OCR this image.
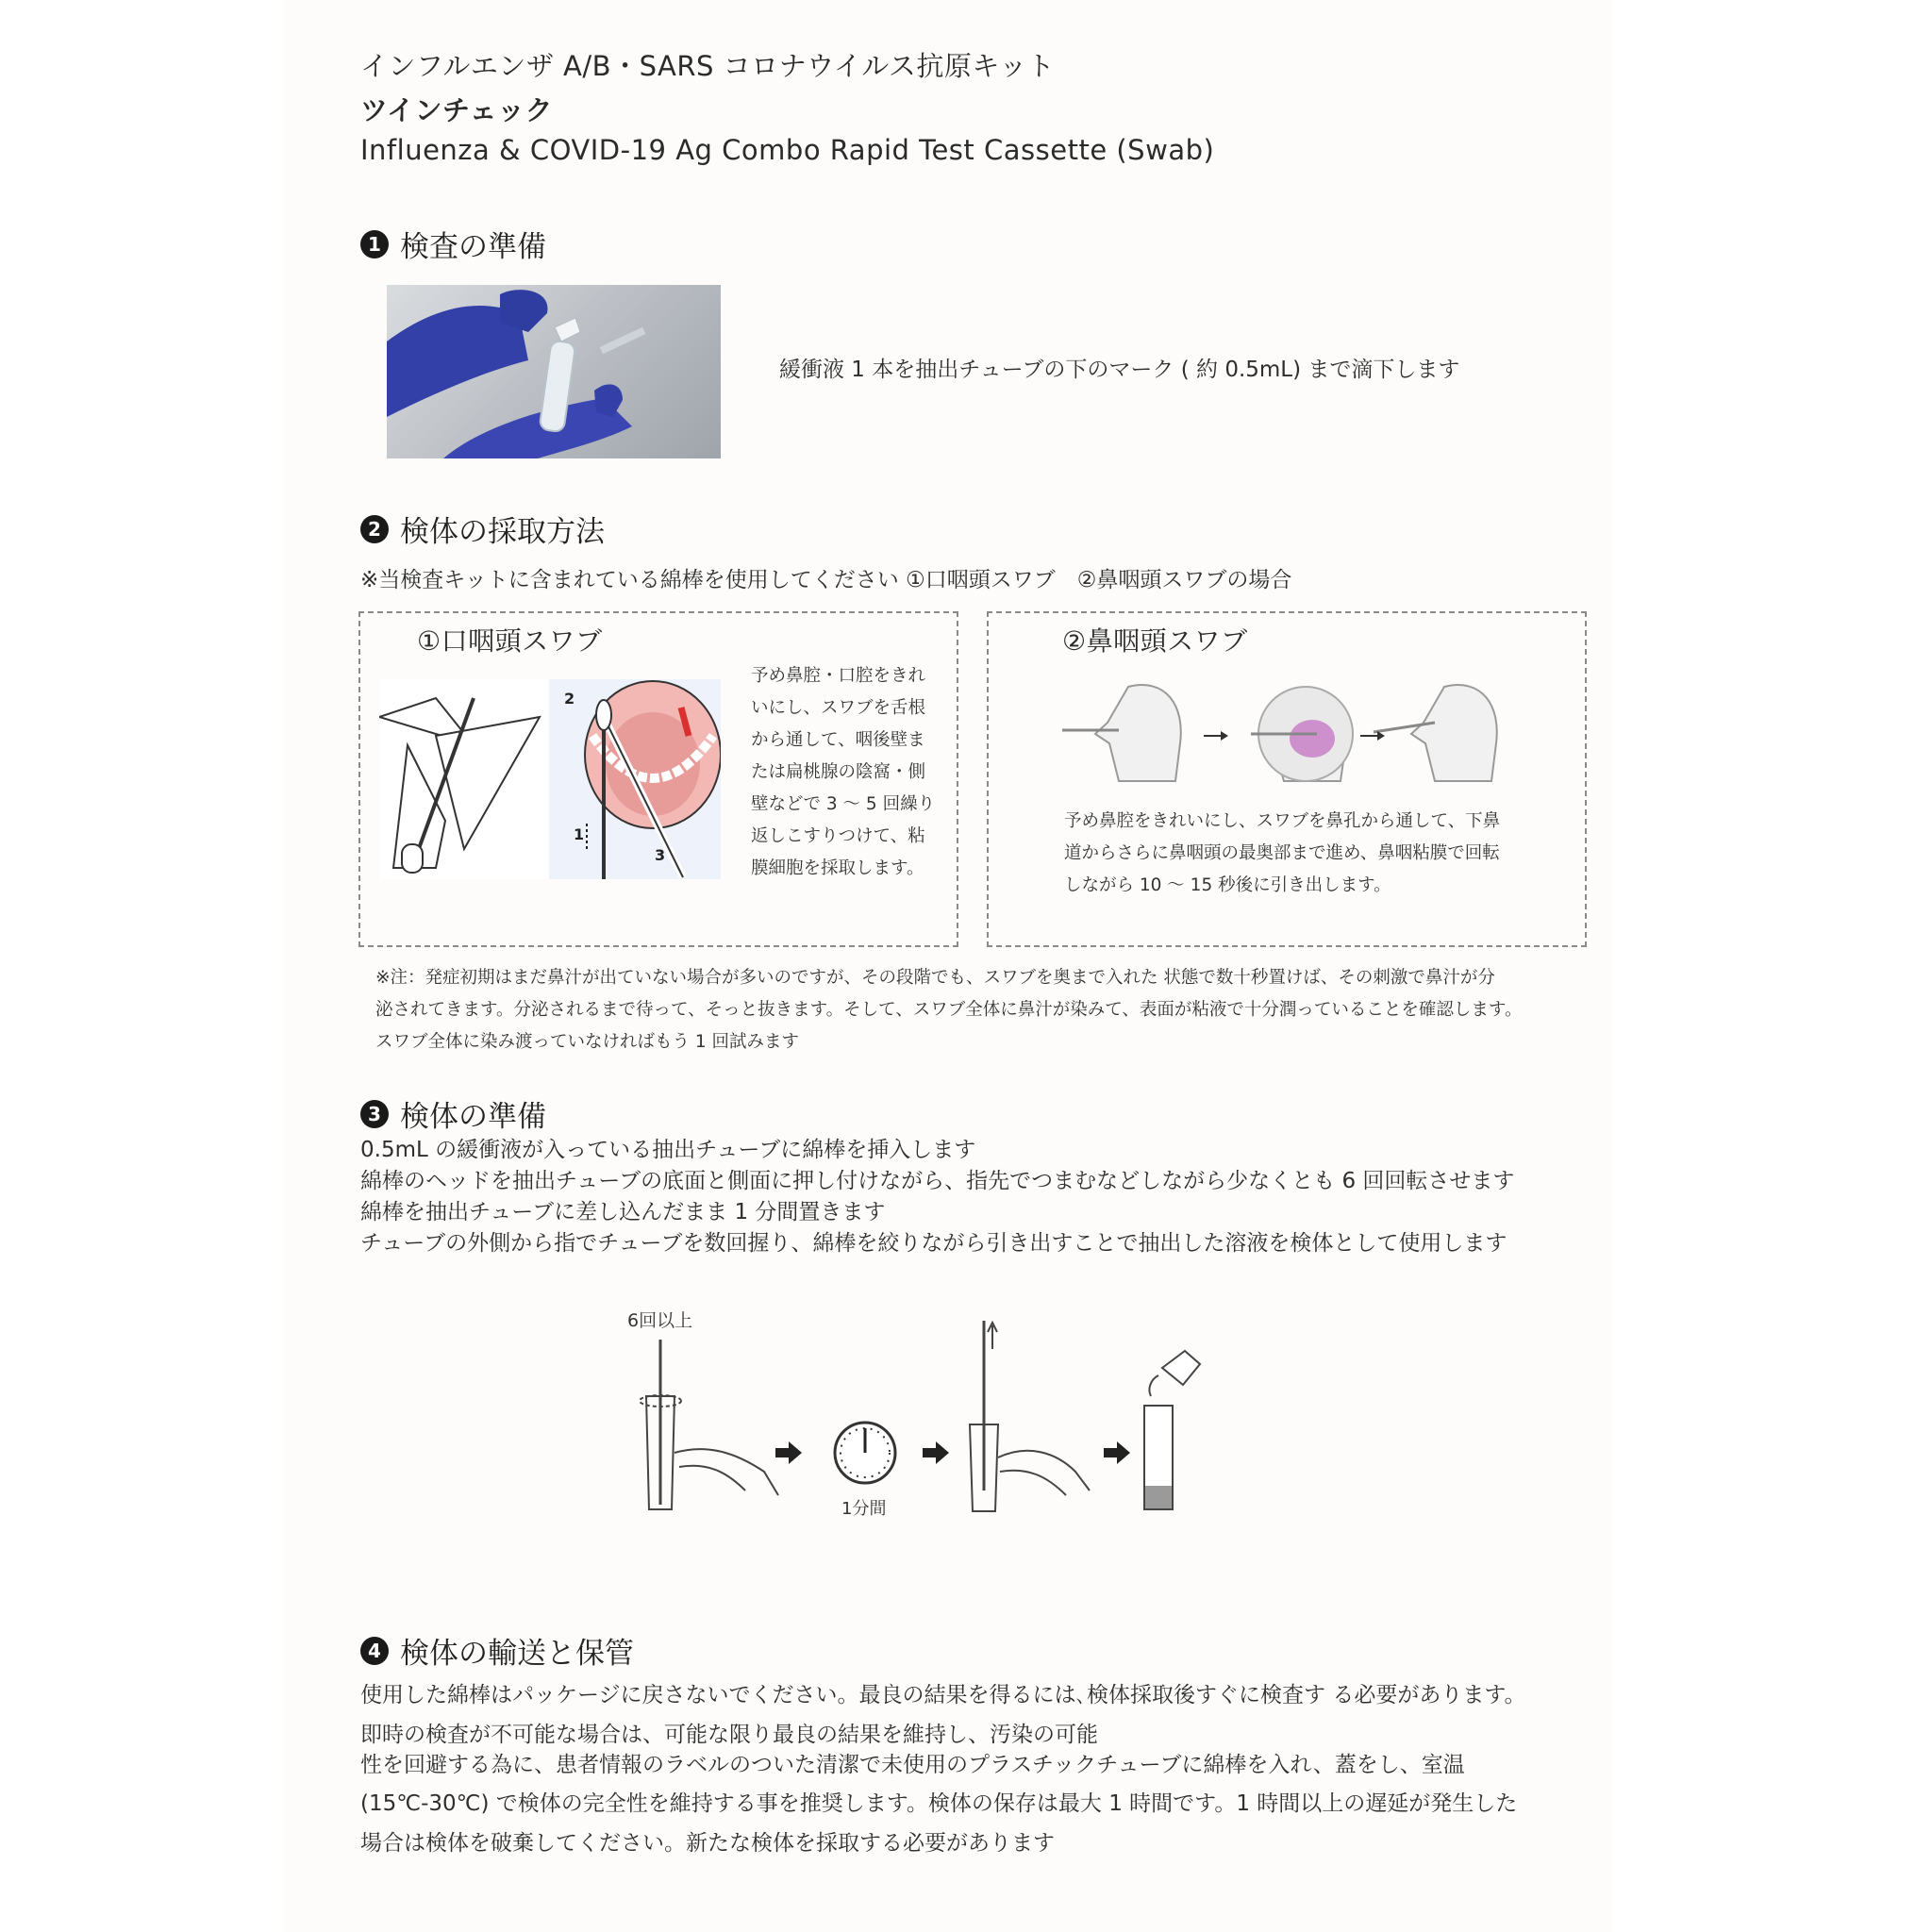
インフルエンザ A/B・SARS コロナウイルス抗原キット
ツインチェック
Influenza & COVID-19 Ag Combo Rapid Test Cassette (Swab)
1 検査の準備
緩衝液 1 本を抽出チューブの下のマーク ( 約 0.5mL) まで滴下します
2 検体の採取方法
※当検査キットに含まれている綿棒を使用してください ①口咽頭スワブ　②鼻咽頭スワブの場合
①口咽頭スワブ
2
1
3
予め鼻腔・口腔をきれ
いにし、スワブを舌根
から通して、咽後壁ま
たは扁桃腺の陰窩・側
壁などで 3 ～ 5 回繰り
返しこすりつけて、粘
膜細胞を採取します。
②鼻咽頭スワブ
予め鼻腔をきれいにし、スワブを鼻孔から通して、下鼻
道からさらに鼻咽頭の最奥部まで進め、鼻咽粘膜で回転
しながら 10 ～ 15 秒後に引き出します。
※注：発症初期はまだ鼻汁が出ていない場合が多いのですが、その段階でも、スワブを奥まで入れた 状態で数十秒置けば、その刺激で鼻汁が分
泌されてきます。分泌されるまで待って、そっと抜きます。そして、スワブ全体に鼻汁が染みて、表面が粘液で十分潤っていることを確認します。
スワブ全体に染み渡っていなければもう 1 回試みます
3 検体の準備
0.5mL の緩衝液が入っている抽出チューブに綿棒を挿入します
綿棒のヘッドを抽出チューブの底面と側面に押し付けながら、指先でつまむなどしながら少なくとも 6 回回転させます
綿棒を抽出チューブに差し込んだまま 1 分間置きます
チューブの外側から指でチューブを数回握り、綿棒を絞りながら引き出すことで抽出した溶液を検体として使用します
6回以上
1分間
4 検体の輸送と保管
使用した綿棒はパッケージに戻さないでください。最良の結果を得るには､検体採取後すぐに検査す る必要があります。
即時の検査が不可能な場合は、可能な限り最良の結果を維持し、汚染の可能
性を回避する為に、患者情報のラベルのついた清潔で未使用のプラスチックチューブに綿棒を入れ、蓋をし、室温
(15℃-30℃) で検体の完全性を維持する事を推奨します。検体の保存は最大 1 時間です。1 時間以上の遅延が発生した
場合は検体を破棄してください。新たな検体を採取する必要があります
